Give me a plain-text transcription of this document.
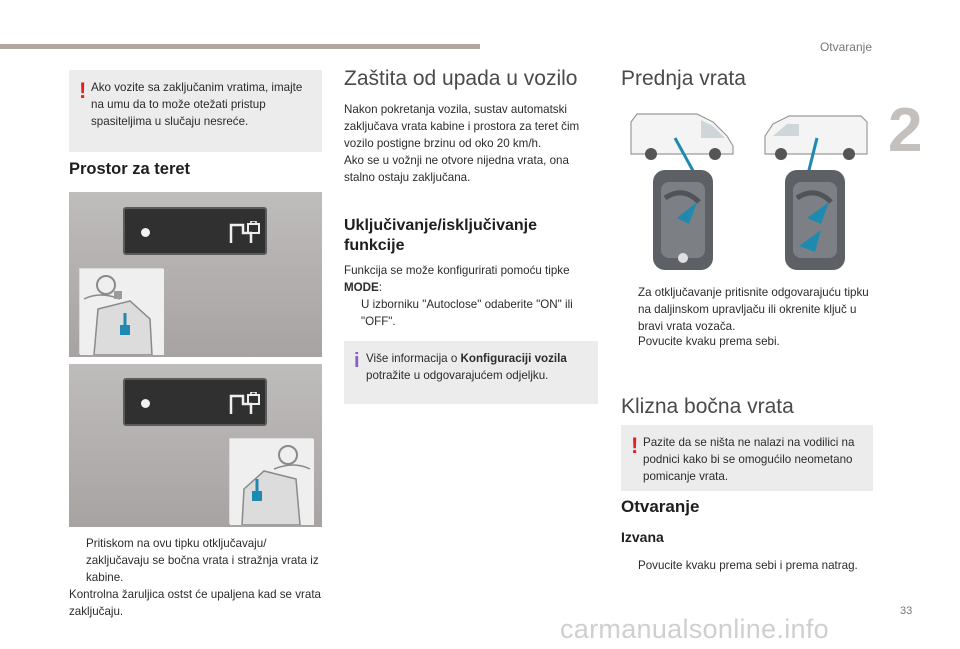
Otvaranje
2
! Ako vozite sa zaključanim vratima, imajte na umu da to može otežati pristup spasiteljima u slučaju nesreće.

Prostor za teret
Pritiskom na ovu tipku otključavaju/ zaključavaju se bočna vrata i stražnja vrata iz kabine.
Kontrolna žaruljica ostst će upaljena kad se vrata zaključaju.
Zaštita od upada u vozilo
Nakon pokretanja vozila, sustav automatski zaključava vrata kabine i prostora za teret čim vozilo postigne brzinu od oko 20 km/h.
Ako se u vožnji ne otvore nijedna vrata, ona stalno ostaju zaključana.
Uključivanje/isključivanje funkcije
Funkcija se može konfigurirati pomoću tipke
MODE:
U izborniku "Autoclose" odaberite "ON" ili "OFF".
i Više informacija o Konfiguraciji vozila
potražite u odgovarajućem odjeljku.

Prednja vrata
Za otključavanje pritisnite odgovarajuću tipku na daljinskom upravljaču ili okrenite ključ u bravi vrata vozača.
Povucite kvaku prema sebi.
Klizna bočna vrata
! Pazite da se ništa ne nalazi na vodilici na podnici kako bi se omogućilo neometano pomicanje vrata.

Otvaranje
Izvana
Povucite kvaku prema sebi i prema natrag.
33
carmanualsonline.info
